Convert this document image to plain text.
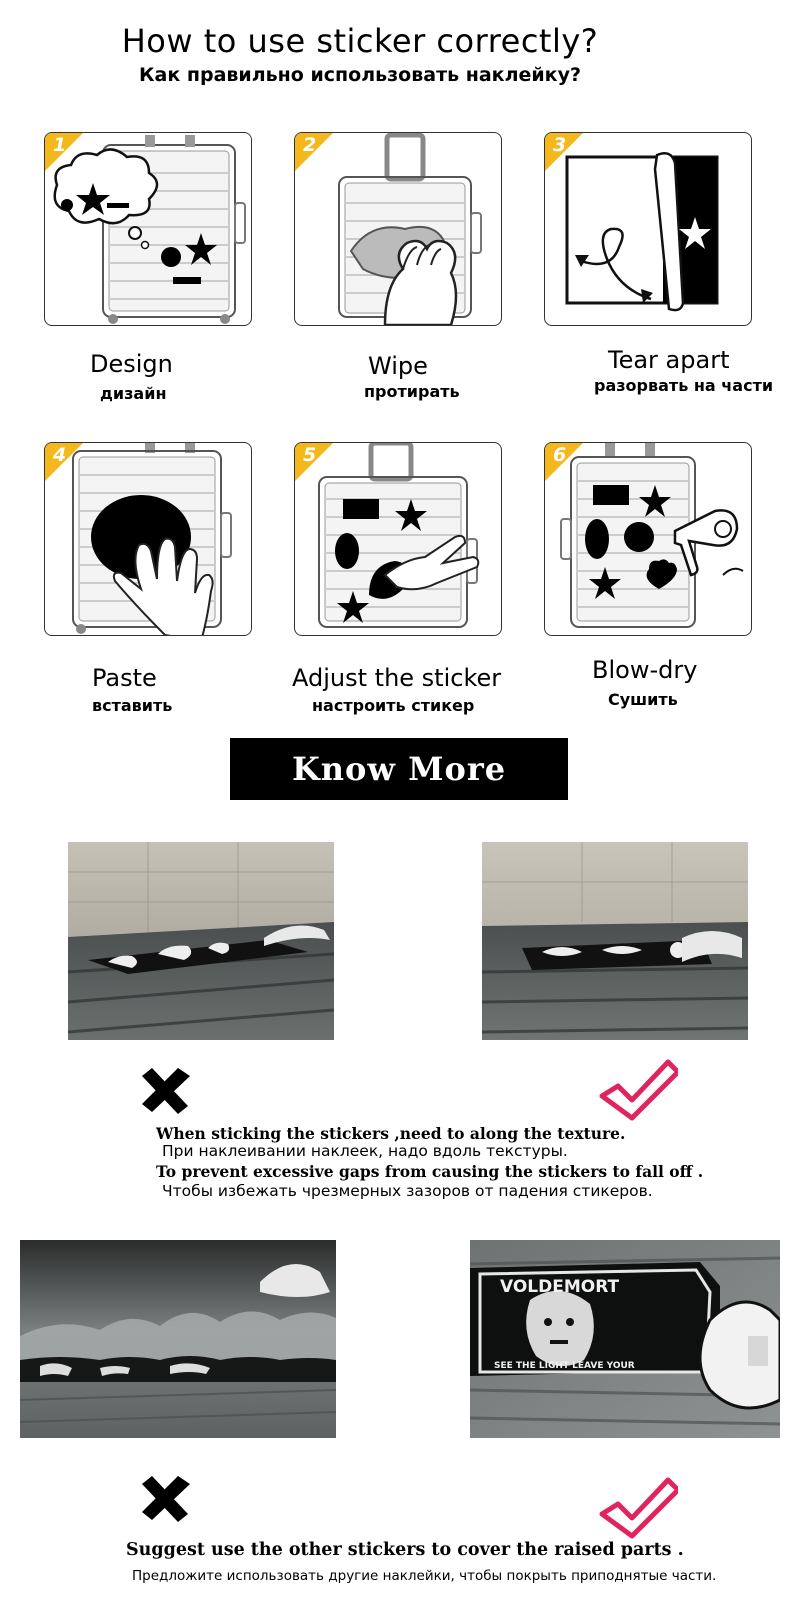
How to use sticker correctly?
Как правильно использовать наклейку?
1	2	3
4	5	6
Design
дизайн
Wipe
протирать
Tear apart
разорвать на части
Paste
вставить
Adjust the sticker
настроить стикер
Blow-dry
Сушить
Know More
When sticking the stickers ,need to along the texture.
При наклеивании наклеек, надо вдоль текстуры.
To prevent excessive gaps from causing the stickers to fall off .
Чтобы избежать чрезмерных зазоров от падения стикеров.
VOLDEMORT
SEE THE LIGHT LEAVE YOUR
Suggest use the other stickers to cover the raised parts .
Предложите использовать другие наклейки, чтобы покрыть приподнятые части.
